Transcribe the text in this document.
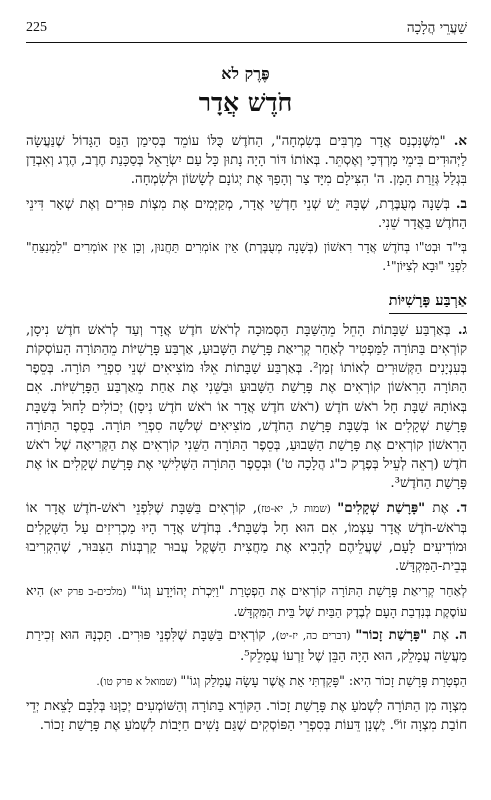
שַׁעֲרֵי הֲלָכָה
225
פֶּרֶק לא
חֹדֶשׁ אֲדָר

א. "מִשֶּׁנִּכְנַס אֲדָר מַרְבִּים בְּשִׂמְחָה", הַחֹדֶשׁ כֻּלּוֹ עוֹמֵד בְּסִימַן הַנֵּס הַגָּדוֹל שֶׁנַּעֲשָׂה לַיְּהוּדִים בִּימֵי מָרְדְּכַי וְאֶסְתֵּר. בְּאוֹתוֹ דּוֹר הָיָה נָתוּן כָּל עַם יִשְׂרָאֵל בְּסַכָּנַת חֶרֶב, הֶרֶג וְאִבְדַן בִּגְלַל גְּזֵרַת הָמָן. ה' הִצִּילָם מִיָּד צַר וְהָפַךְ אֶת יְגוֹנָם לְשָׂשׂוֹן וּלְשִׂמְחָה.

ב. בְּשָׁנָה מְעֻבֶּרֶת, שֶׁבָּהּ יֵשׁ שְׁנֵי חָדְשֵׁי אֲדָר, מְקַיְּמִים אֶת מִצְוֹת פּוּרִים וְאֶת שְׁאָר דִּינֵי הַחֹדֶשׁ בַּאֲדָר שֵׁנִי.

בְּי"ד וּבְט"ו בְּחֹדֶשׁ אֲדָר רִאשׁוֹן (בְּשָׁנָה מְעֻבֶּרֶת) אֵין אוֹמְרִים תַּחֲנוּן, וְכֵן אֵין אוֹמְרִים "לַמְנַצֵּחַ" לִפְנֵי "וּבָא לְצִיּוֹן"¹.

אַרְבַּע פָּרָשִׁיּוֹת

ג. בְּאַרְבַּע שַׁבָּתוֹת הָחֵל מֵהַשַּׁבָּת הַסְּמוּכָה לְרֹאשׁ חֹדֶשׁ אֲדָר וְעַד לְרֹאשׁ חֹדֶשׁ נִיסָן, קוֹרְאִים בַּתּוֹרָה לַמַּפְטִיר לְאַחַר קְרִיאַת פָּרָשַׁת הַשָּׁבוּעַ, אַרְבַּע פָּרָשִׁיּוֹת מֵהַתּוֹרָה הָעוֹסְקוֹת בְּעִנְיָנִים הַקְּשׁוּרִים לְאוֹתוֹ זְמַן². בְּאַרְבַּע שַׁבָּתוֹת אֵלּוּ מוֹצִיאִים שְׁנֵי סִפְרֵי תּוֹרָה. בְּסֵפֶר הַתּוֹרָה הָרִאשׁוֹן קוֹרְאִים אֶת פָּרָשַׁת הַשָּׁבוּעַ וּבַשֵּׁנִי אֶת אַחַת מֵאַרְבַּע הַפָּרָשִׁיּוֹת. אִם בְּאוֹתָהּ שַׁבָּת חָל רֹאשׁ חֹדֶשׁ (רֹאשׁ חֹדֶשׁ אֲדָר אוֹ רֹאשׁ חֹדֶשׁ נִיסָן) יְכוֹלִים לָחוּל בְּשַׁבָּת פָּרָשַׁת שְׁקָלִים אוֹ בְּשַׁבָּת פָּרָשַׁת הַחֹדֶשׁ, מוֹצִיאִים שְׁלֹשָׁה סִפְרֵי תּוֹרָה. בְּסֵפֶר הַתּוֹרָה הָרִאשׁוֹן קוֹרְאִים אֶת פָּרָשַׁת הַשָּׁבוּעַ, בְּסֵפֶר הַתּוֹרָה הַשֵּׁנִי קוֹרְאִים אֶת הַקְּרִיאָה שֶׁל רֹאשׁ חֹדֶשׁ (רְאֵה לְעֵיל בְּפֶרֶק כ"ג הֲלָכָה ט') וּבְסֵפֶר הַתּוֹרָה הַשְּׁלִישִׁי אֶת פָּרָשַׁת שְׁקָלִים אוֹ אֶת פָּרָשַׁת הַחֹדֶשׁ³.

ד. אֶת "פָּרָשַׁת שְׁקָלִים" (שמות ל, יא-טז), קוֹרְאִים בַּשַּׁבָּת שֶׁלִּפְנֵי רֹאשׁ-חֹדֶשׁ אֲדָר אוֹ בְּרֹאשׁ-חֹדֶשׁ אֲדָר עַצְמוֹ, אִם הוּא חָל בְּשַׁבָּת⁴. בְּחֹדֶשׁ אֲדָר הָיוּ מַכְרִיזִים עַל הַשְּׁקָלִים וּמוֹדִיעִים לָעָם, שֶׁעֲלֵיהֶם לְהָבִיא אֶת מַחֲצִית הַשֶּׁקֶל עֲבוּר קָרְבְּנוֹת הַצִּבּוּר, שֶׁהִקְרִיבוּ בְּבֵית-הַמִּקְדָּשׁ.

לְאַחַר קְרִיאַת פָּרָשַׁת הַתּוֹרָה קוֹרְאִים אֶת הַפְטָרַת "וַיִּכְרֹת יְהוֹיָדָע וְגוֹ'" (מלכים-ב פרק יא) הִיא עוֹסֶקֶת בְּנִדְבַת הָעָם לְבֶדֶק הַבַּיִת שֶׁל בֵּית הַמִּקְדָּשׁ.

ה. אֶת "פָּרָשַׁת זָכוֹר" (דברים כה, יז-יט), קוֹרְאִים בַּשַּׁבָּת שֶׁלִּפְנֵי פּוּרִים. תָּכְנָהּ הוּא זְכִירַת מַעֲשֵׂה עֲמָלֵק, הוּא הָיָה הַבֵּן שֶׁל זַרְעוֹ עֲמָלֵק⁵.

הַפְטָרַת פָּרָשַׁת זָכוֹר הִיא: "פָּקַדְתִּי אֵת אֲשֶׁר עָשָׂה עֲמָלֵק וְגוֹ'" (שמואל א פרק טו).

מִצְוָה מִן הַתּוֹרָה לִשְׁמֹעַ אֶת פָּרָשַׁת זָכוֹר. הַקּוֹרֵא בַּתּוֹרָה וְהַשּׁוֹמְעִים יְכַוְּנוּ בְּלִבָּם לָצֵאת יְדֵי חוֹבַת מִצְוָה זוֹ⁶. יֶשְׁנָן דֵּעוֹת בְּסִפְרֵי הַפּוֹסְקִים שֶׁגַּם נָשִׁים חַיָּבוֹת לִשְׁמֹעַ אֶת פָּרָשַׁת זָכוֹר.
